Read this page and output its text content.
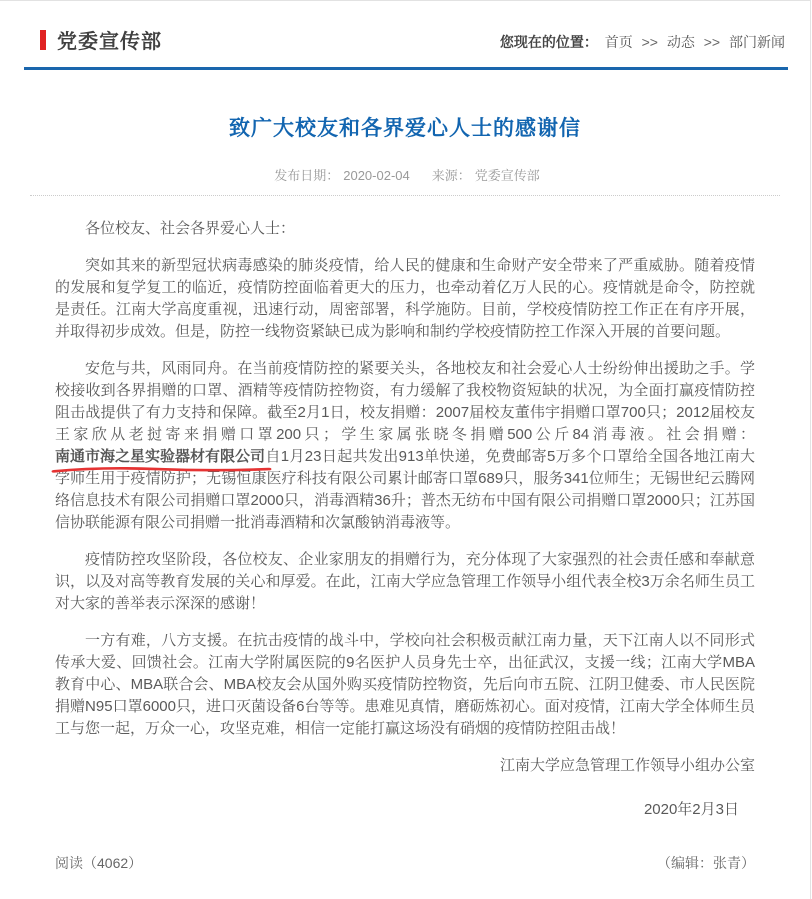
党委宣传部	您现在的位置： 首页 >> 动态 >> 部门新闻
致广大校友和各界爱心人士的感谢信
发布日期： 2020-02-04 来源： 党委宣传部

各位校友、社会各界爱心人士：

突如其来的新型冠状病毒感染的肺炎疫情，给人民的健康和生命财产安全带来了严重威胁。随着疫情的发展和复学复工的临近，疫情防控面临着更大的压力，也牵动着亿万人民的心。疫情就是命令，防控就是责任。江南大学高度重视，迅速行动，周密部署，科学施防。目前，学校疫情防控工作正在有序开展，并取得初步成效。但是，防控一线物资紧缺已成为影响和制约学校疫情防控工作深入开展的首要问题。

安危与共，风雨同舟。在当前疫情防控的紧要关头，各地校友和社会爱心人士纷纷伸出援助之手。学校接收到各界捐赠的口罩、酒精等疫情防控物资，有力缓解了我校物资短缺的状况，为全面打赢疫情防控阻击战提供了有力支持和保障。截至2月1日，校友捐赠：2007届校友董伟宇捐赠口罩700只；2012届校友王家欣从老挝寄来捐赠口罩200只；学生家属张晓冬捐赠500公斤84消毒液。社会捐赠：南通市海之星实验器材有限公司
自1月23日起共发出913单快递，免费邮寄5万多个口罩给全国各地江南大学师生用于疫情防护；无锡恒康医疗科技有限公司累计邮寄口罩689只，服务341位师生；无锡世纪云腾网络信息技术有限公司捐赠口罩2000只，消毒酒精36升；普杰无纺布中国有限公司捐赠口罩2000只；江苏国信协联能源有限公司捐赠一批消毒酒精和次氯酸钠消毒液等。

疫情防控攻坚阶段，各位校友、企业家朋友的捐赠行为，充分体现了大家强烈的社会责任感和奉献意识，以及对高等教育发展的关心和厚爱。在此，江南大学应急管理工作领导小组代表全校3万余名师生员工对大家的善举表示深深的感谢！

一方有难，八方支援。在抗击疫情的战斗中，学校向社会积极贡献江南力量，天下江南人以不同形式传承大爱、回馈社会。江南大学附属医院的9名医护人员身先士卒，出征武汉，支援一线；江南大学MBA教育中心、MBA联合会、MBA校友会从国外购买疫情防控物资，先后向市五院、江阴卫健委、市人民医院捐赠N95口罩6000只，进口灭菌设备6台等等。患难见真情，磨砺炼初心。面对疫情，江南大学全体师生员工与您一起，万众一心，攻坚克难，相信一定能打赢这场没有硝烟的疫情防控阻击战！

江南大学应急管理工作领导小组办公室
2020年2月3日
阅读（4062）	（编辑：张青）
